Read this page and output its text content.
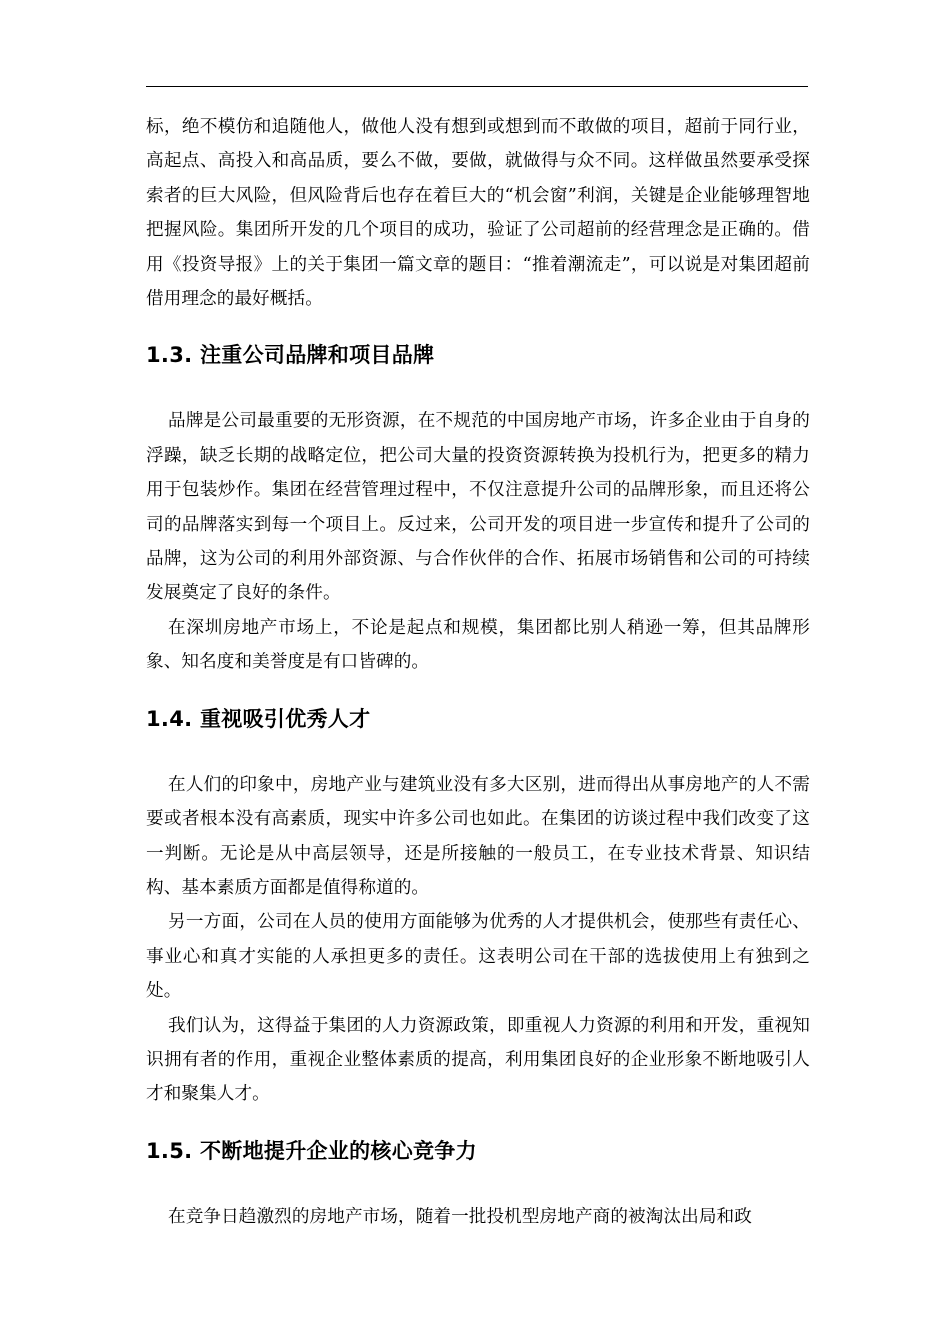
标，绝不模仿和追随他人，做他人没有想到或想到而不敢做的项目，超前于同行业，高起点、高投入和高品质，要么不做，要做，就做得与众不同。这样做虽然要承受探索者的巨大风险，但风险背后也存在着巨大的“机会窗”利润，关键是企业能够理智地把握风险。集团所开发的几个项目的成功，验证了公司超前的经营理念是正确的。借用《投资导报》上的关于集团一篇文章的题目：“推着潮流走”，可以说是对集团超前借用理念的最好概括。

1.3. 注重公司品牌和项目品牌

品牌是公司最重要的无形资源，在不规范的中国房地产市场，许多企业由于自身的浮躁，缺乏长期的战略定位，把公司大量的投资资源转换为投机行为，把更多的精力用于包装炒作。集团在经营管理过程中，不仅注意提升公司的品牌形象，而且还将公司的品牌落实到每一个项目上。反过来，公司开发的项目进一步宣传和提升了公司的品牌，这为公司的利用外部资源、与合作伙伴的合作、拓展市场销售和公司的可持续发展奠定了良好的条件。

在深圳房地产市场上，不论是起点和规模，集团都比别人稍逊一筹，但其品牌形象、知名度和美誉度是有口皆碑的。

1.4. 重视吸引优秀人才

在人们的印象中，房地产业与建筑业没有多大区别，进而得出从事房地产的人不需要或者根本没有高素质，现实中许多公司也如此。在集团的访谈过程中我们改变了这一判断。无论是从中高层领导，还是所接触的一般员工，在专业技术背景、知识结构、基本素质方面都是值得称道的。

另一方面，公司在人员的使用方面能够为优秀的人才提供机会，使那些有责任心、事业心和真才实能的人承担更多的责任。这表明公司在干部的选拔使用上有独到之处。

我们认为，这得益于集团的人力资源政策，即重视人力资源的利用和开发，重视知识拥有者的作用，重视企业整体素质的提高，利用集团良好的企业形象不断地吸引人才和聚集人才。

1.5. 不断地提升企业的核心竞争力

在竞争日趋激烈的房地产市场，随着一批投机型房地产商的被淘汰出局和政
